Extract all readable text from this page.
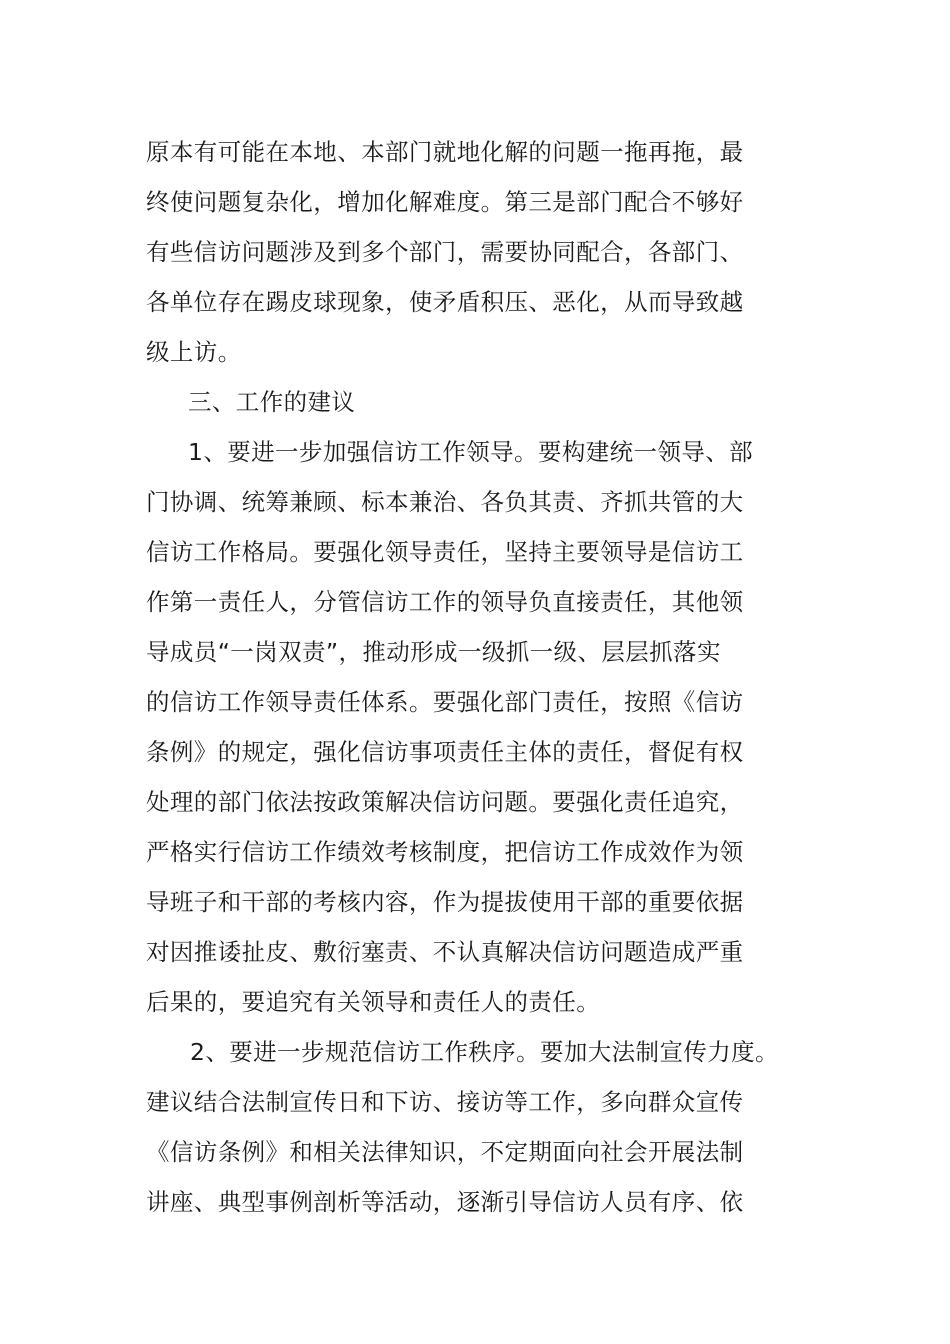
原本有可能在本地、本部门就地化解的问题一拖再拖，最
终使问题复杂化，增加化解难度。第三是部门配合不够好
有些信访问题涉及到多个部门，需要协同配合，各部门、
各单位存在踢皮球现象，使矛盾积压、恶化，从而导致越
级上访。
三、工作的建议
1、要进一步加强信访工作领导。要构建统一领导、部
门协调、统筹兼顾、标本兼治、各负其责、齐抓共管的大
信访工作格局。要强化领导责任，坚持主要领导是信访工
作第一责任人，分管信访工作的领导负直接责任，其他领
导成员“一岗双责”，推动形成一级抓一级、层层抓落实
的信访工作领导责任体系。要强化部门责任，按照《信访
条例》的规定，强化信访事项责任主体的责任，督促有权
处理的部门依法按政策解决信访问题。要强化责任追究，
严格实行信访工作绩效考核制度，把信访工作成效作为领
导班子和干部的考核内容，作为提拔使用干部的重要依据
对因推诿扯皮、敷衍塞责、不认真解决信访问题造成严重
后果的，要追究有关领导和责任人的责任。
2、要进一步规范信访工作秩序。要加大法制宣传力度。
建议结合法制宣传日和下访、接访等工作，多向群众宣传
《信访条例》和相关法律知识，不定期面向社会开展法制
讲座、典型事例剖析等活动，逐渐引导信访人员有序、依
